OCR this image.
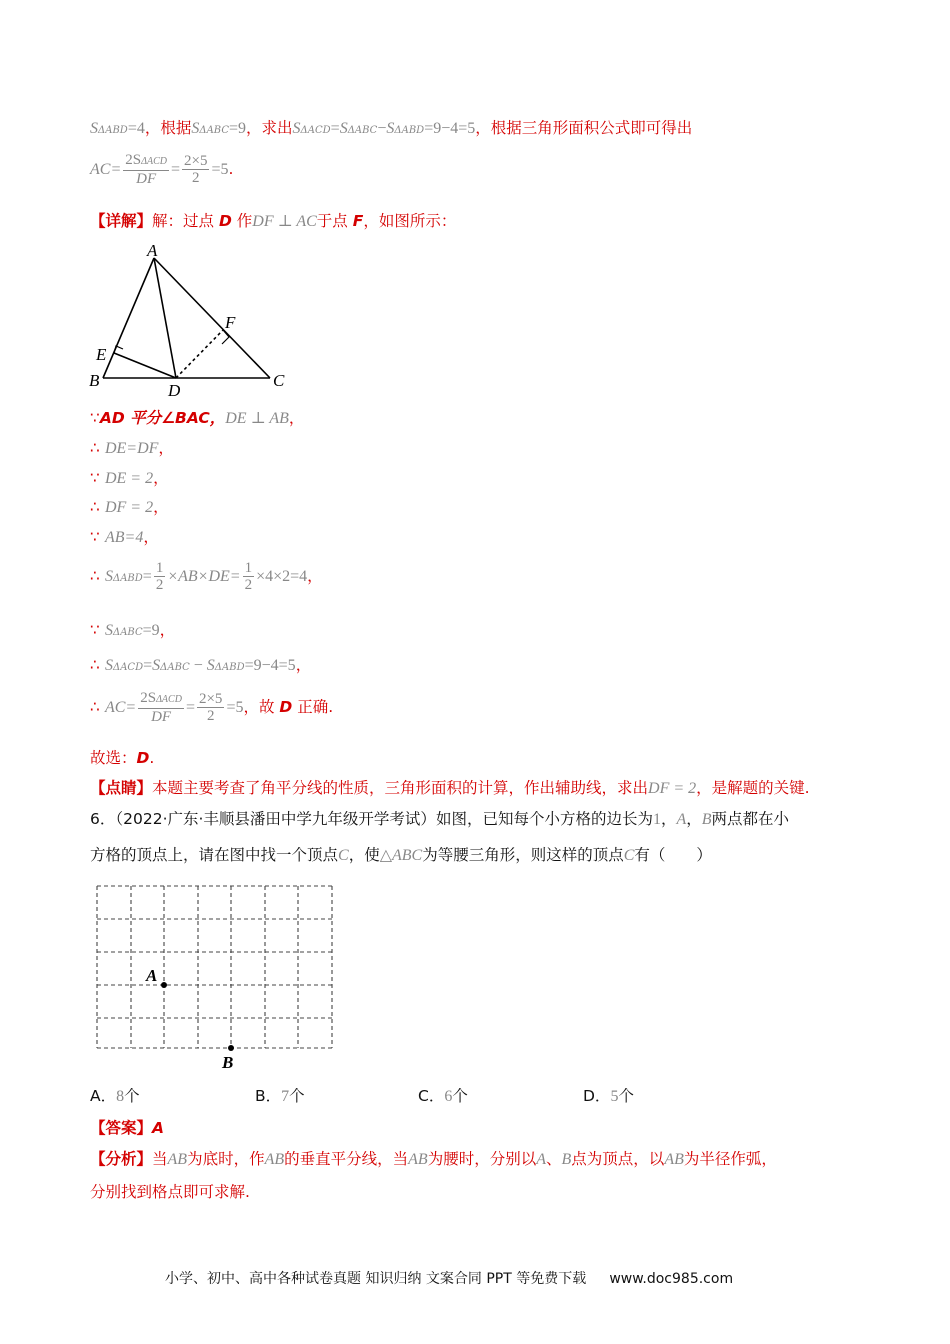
SΔABD=4，根据SΔABC=9，求出SΔACD=SΔABC−SΔABD=9−4=5，根据三角形面积公式即可得出
$AC= \frac{\text{2SΔACD}}{DF} = \frac{2\times 5}{2} =5$.
【详解】解：过点 D 作DF ⊥ AC于点 F，如图所示：
A
B	C
D
E
F
∵AD 平分∠BAC，DE ⊥ AB，
∴ DE=DF，
∵ DE = 2，
∴ DF = 2，
∵ AB=4，
∴ $S\Delta ABD= \frac{1}{2} \times AB\times DE= \frac{1}{2} \times 4\times 2=4$，
∵ SΔABC=9，
∴ SΔACD=SΔABC − SΔABD=9−4=5，
∴ $AC= \frac{\text{2SΔACD}}{DF} = \frac{2\times 5}{2} =5$，故 D 正确.
故选：D.
【点睛】本题主要考查了角平分线的性质，三角形面积的计算，作出辅助线，求出DF = 2，是解题的关键.
6．（2022·广东·丰顺县潘田中学九年级开学考试）如图，已知每个小方格的边长为1，A，B两点都在小
方格的顶点上，请在图中找一个顶点C，使△ABC为等腰三角形，则这样的顶点C有（　　）
A
B
A．8个	B．7个	C．6个	D．5个
【答案】A
【分析】当AB为底时，作AB的垂直平分线，当AB为腰时，分别以A、B点为顶点，以AB为半径作弧，
分别找到格点即可求解.
小学、初中、高中各种试卷真题 知识归纳 文案合同 PPT 等免费下载 www.doc985.com
